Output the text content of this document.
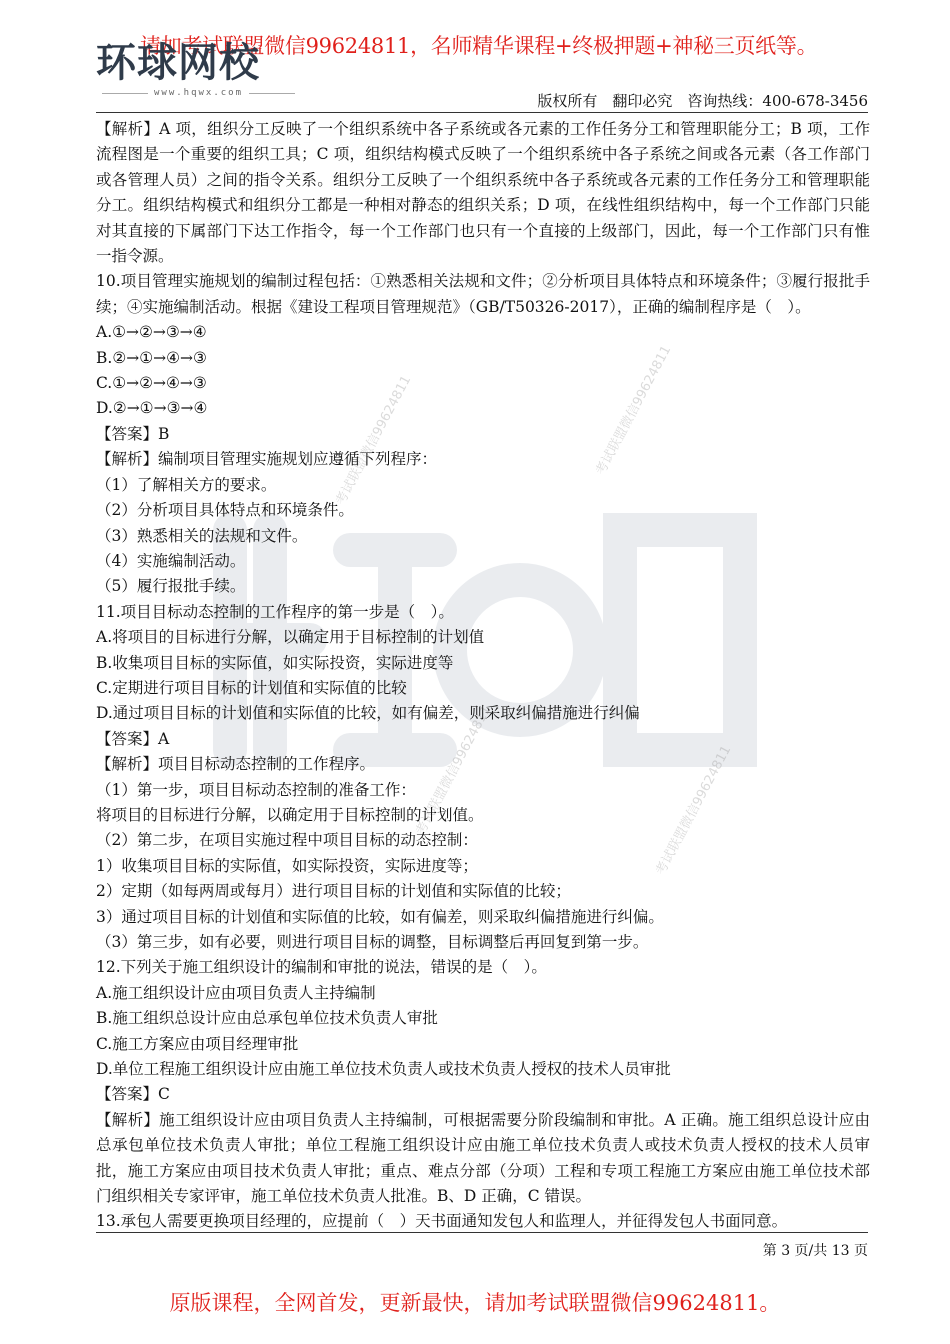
请加考试联盟微信99624811，名师精华课程+终极押题+神秘三页纸等。
环球网校
www.hqwx.com	版权所有　翻印必究　咨询热线：400-678-3456
考试联盟微信99624811	考试联盟微信99624811
考试联盟微信99624811
考试联盟微信99624811

【解析】A 项，组织分工反映了一个组织系统中各子系统或各元素的工作任务分工和管理职能分工；B 项，工作流程图是一个重要的组织工具；C 项，组织结构模式反映了一个组织系统中各子系统之间或各元素（各工作部门或各管理人员）之间的指令关系。组织分工反映了一个组织系统中各子系统或各元素的工作任务分工和管理职能分工。组织结构模式和组织分工都是一种相对静态的组织关系；D 项，在线性组织结构中，每一个工作部门只能对其直接的下属部门下达工作指令，每一个工作部门也只有一个直接的上级部门，因此，每一个工作部门只有惟一指令源。

10.项目管理实施规划的编制过程包括：①熟悉相关法规和文件；②分析项目具体特点和环境条件；③履行报批手续；④实施编制活动。根据《建设工程项目管理规范》（GB/T50326-2017），正确的编制程序是（　）。

A.①→②→③→④

B.②→①→④→③

C.①→②→④→③

D.②→①→③→④

【答案】B

【解析】编制项目管理实施规划应遵循下列程序：

（1）了解相关方的要求。

（2）分析项目具体特点和环境条件。

（3）熟悉相关的法规和文件。

（4）实施编制活动。

（5）履行报批手续。

11.项目目标动态控制的工作程序的第一步是（　）。

A.将项目的目标进行分解，以确定用于目标控制的计划值

B.收集项目目标的实际值，如实际投资，实际进度等

C.定期进行项目目标的计划值和实际值的比较

D.通过项目目标的计划值和实际值的比较，如有偏差，则采取纠偏措施进行纠偏

【答案】A

【解析】项目目标动态控制的工作程序。

（1）第一步，项目目标动态控制的准备工作：

将项目的目标进行分解，以确定用于目标控制的计划值。

（2）第二步，在项目实施过程中项目目标的动态控制：

1）收集项目目标的实际值，如实际投资，实际进度等；

2）定期（如每两周或每月）进行项目目标的计划值和实际值的比较；

3）通过项目目标的计划值和实际值的比较，如有偏差，则采取纠偏措施进行纠偏。

（3）第三步，如有必要，则进行项目目标的调整，目标调整后再回复到第一步。

12.下列关于施工组织设计的编制和审批的说法，错误的是（　）。

A.施工组织设计应由项目负责人主持编制

B.施工组织总设计应由总承包单位技术负责人审批

C.施工方案应由项目经理审批

D.单位工程施工组织设计应由施工单位技术负责人或技术负责人授权的技术人员审批

【答案】C

【解析】施工组织设计应由项目负责人主持编制，可根据需要分阶段编制和审批。A 正确。施工组织总设计应由总承包单位技术负责人审批；单位工程施工组织设计应由施工单位技术负责人或技术负责人授权的技术人员审批，施工方案应由项目技术负责人审批；重点、难点分部（分项）工程和专项工程施工方案应由施工单位技术部门组织相关专家评审，施工单位技术负责人批准。B、D 正确，C 错误。

13.承包人需要更换项目经理的，应提前（　）天书面通知发包人和监理人，并征得发包人书面同意。

第 3 页/共 13 页
原版课程，全网首发，更新最快，请加考试联盟微信99624811。
